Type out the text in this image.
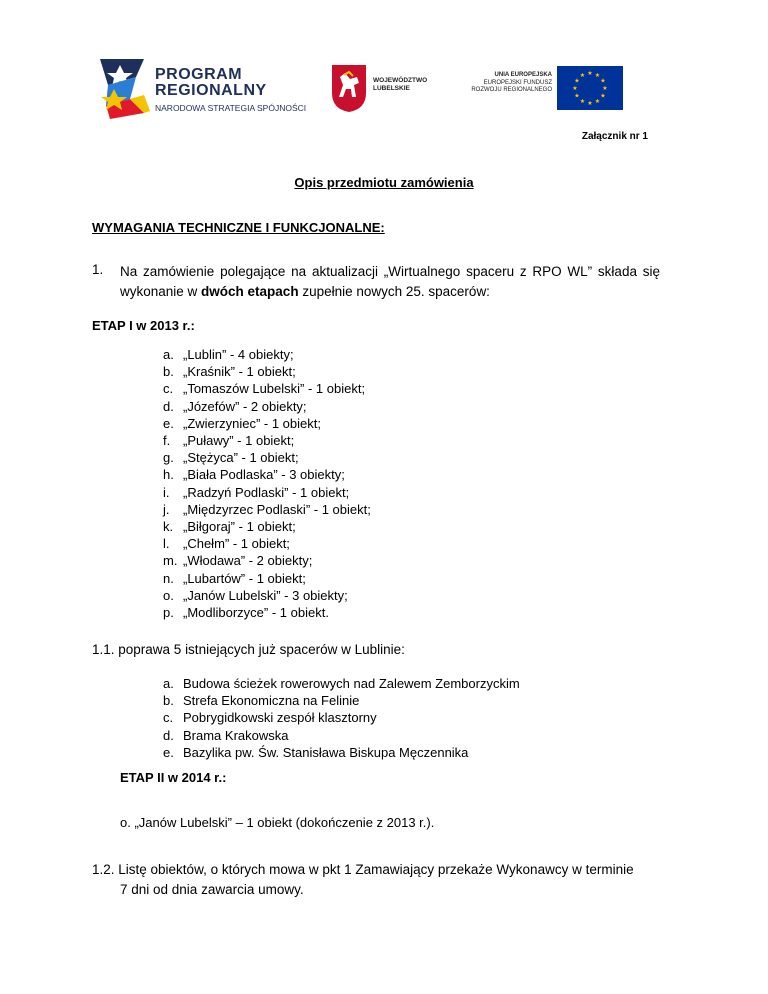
PROGRAM
REGIONALNY
NARODOWA STRATEGIA SPÓJNOŚCI
WOJEWÓDZTWO
LUBELSKIE
UNIA EUROPEJSKA
EUROPEJSKI FUNDUSZ
ROZWOJU REGIONALNEGO
★ ★
★
★
★
★
★
★
★
★
★
★
Załącznik nr 1
Opis przedmiotu zamówienia
WYMAGANIA TECHNICZNE I FUNKCJONALNE:
1. Na zamówienie polegające na aktualizacji „Wirtualnego spaceru z RPO WL” składa się wykonanie w dwóch etapach zupełnie nowych 25. spacerów:
ETAP I w 2013 r.:
a. „Lublin” - 4 obiekty;
b. „Kraśnik” - 1 obiekt;
c. „Tomaszów Lubelski” - 1 obiekt;
d. „Józefów” - 2 obiekty;
e. „Zwierzyniec” - 1 obiekt;
f. „Puławy” - 1 obiekt;
g. „Stężyca” - 1 obiekt;
h. „Biała Podlaska” - 3 obiekty;
i. „Radzyń Podlaski” - 1 obiekt;
j. „Międzyrzec Podlaski” - 1 obiekt;
k. „Biłgoraj” - 1 obiekt;
l. „Chełm” - 1 obiekt;
m. „Włodawa” - 2 obiekty;
n. „Lubartów” - 1 obiekt;
o. „Janów Lubelski” - 3 obiekty;
p. „Modliborzyce” - 1 obiekt.
1.1. poprawa 5 istniejących już spacerów w Lublinie:
a. Budowa ścieżek rowerowych nad Zalewem Zemborzyckim
b. Strefa Ekonomiczna na Felinie
c. Pobrygidkowski zespół klasztorny
d. Brama Krakowska
e. Bazylika pw. Św. Stanisława Biskupa Męczennika
ETAP II w 2014 r.:
o. „Janów Lubelski” – 1 obiekt (dokończenie z 2013 r.).
1.2. Listę obiektów, o których mowa w pkt 1 Zamawiający przekaże Wykonawcy w terminie
7 dni od dnia zawarcia umowy.
